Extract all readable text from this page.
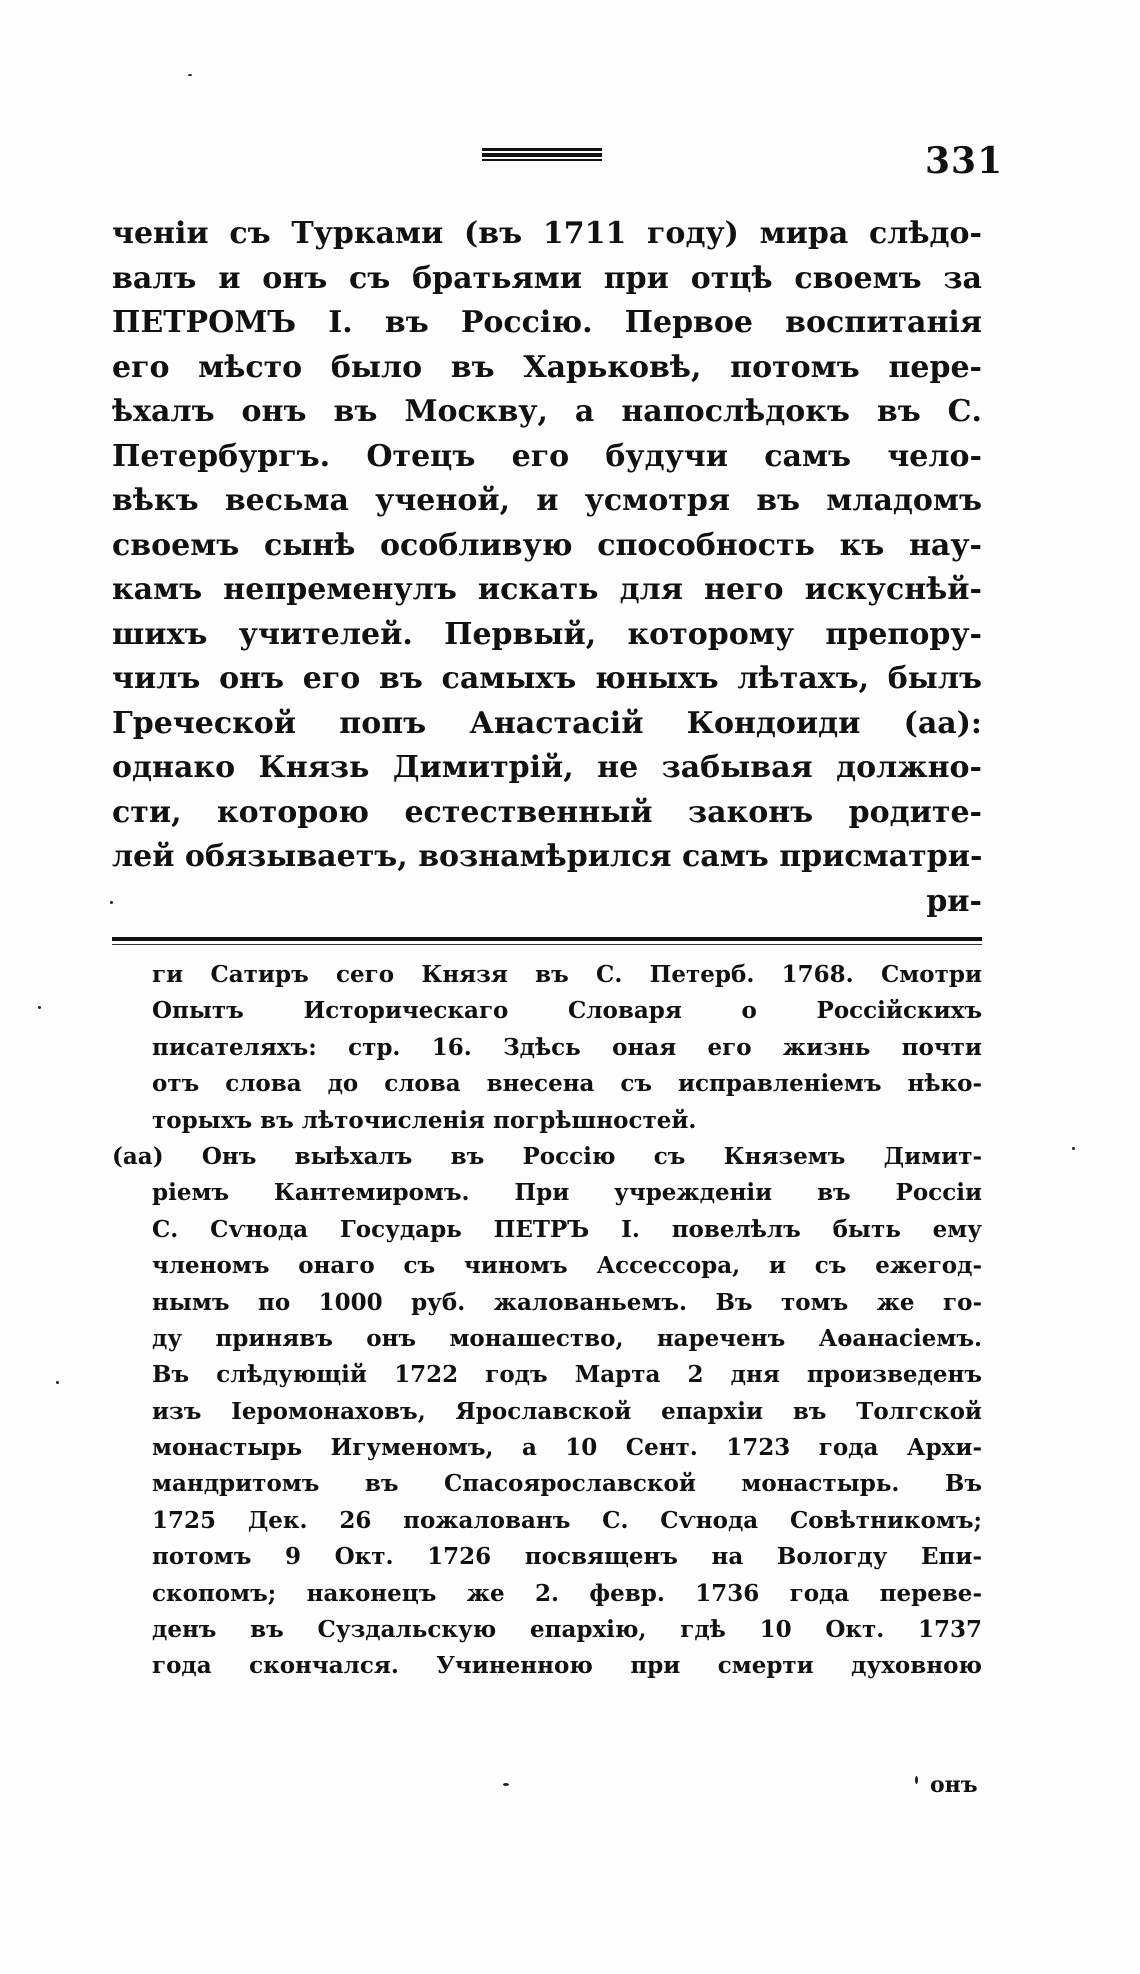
331
ченіи съ Турками (въ 1711 году) мира слѣдо-
валъ и онъ съ братьями при отцѣ своемъ за
ПЕТРОМЪ I. въ Россію. Первое воспитанія
его мѣсто было въ Харьковѣ, потомъ пере-
ѣхалъ онъ въ Москву, а напослѣдокъ въ С.
Петербургъ. Отецъ его будучи самъ чело-
вѣкъ весьма ученой, и усмотря въ младомъ
своемъ сынѣ особливую способность къ нау-
камъ непременулъ искать для него искуснѣй-
шихъ учителей. Первый, которому препору-
чилъ онъ его въ самыхъ юныхъ лѣтахъ, былъ
Греческой попъ Анастасій Кондоиди (аа):
однако Князь Димитрій, не забывая должно-
сти, которою естественный законъ родите-
лей обязываетъ, вознамѣрился самъ присматри-
ри-
ги Сатиръ сего Князя въ С. Петерб. 1768. Смотри
Опытъ Историческаго Словаря о Россійскихъ
писателяхъ: стр. 16. Здѣсь оная его жизнь почти
отъ слова до слова внесена съ исправленіемъ нѣко-
торыхъ въ лѣточисленія погрѣшностей.
(аа) Онъ выѣхалъ въ Россію съ Княземъ Димит-
ріемъ Кантемиромъ. При учрежденіи въ Россіи
С. Сѵнода Государь ПЕТРЪ I. повелѣлъ быть ему
членомъ онаго съ чиномъ Ассессора, и съ ежегод-
нымъ по 1000 руб. жалованьемъ. Въ томъ же го-
ду принявъ онъ монашество, нареченъ Аѳанасіемъ.
Въ слѣдующій 1722 годъ Марта 2 дня произведенъ
изъ Іеромонаховъ, Ярославской епархіи въ Толгской
монастырь Игуменомъ, а 10 Сент. 1723 года Архи-
мандритомъ въ Спасоярославской монастырь. Въ
1725 Дек. 26 пожалованъ С. Сѵнода Совѣтникомъ;
потомъ 9 Окт. 1726 посвященъ на Вологду Епи-
скопомъ; наконецъ же 2. февр. 1736 года переве-
денъ въ Суздальскую епархію, гдѣ 10 Окт. 1737
года скончался. Учиненною при смерти духовною
онъ
